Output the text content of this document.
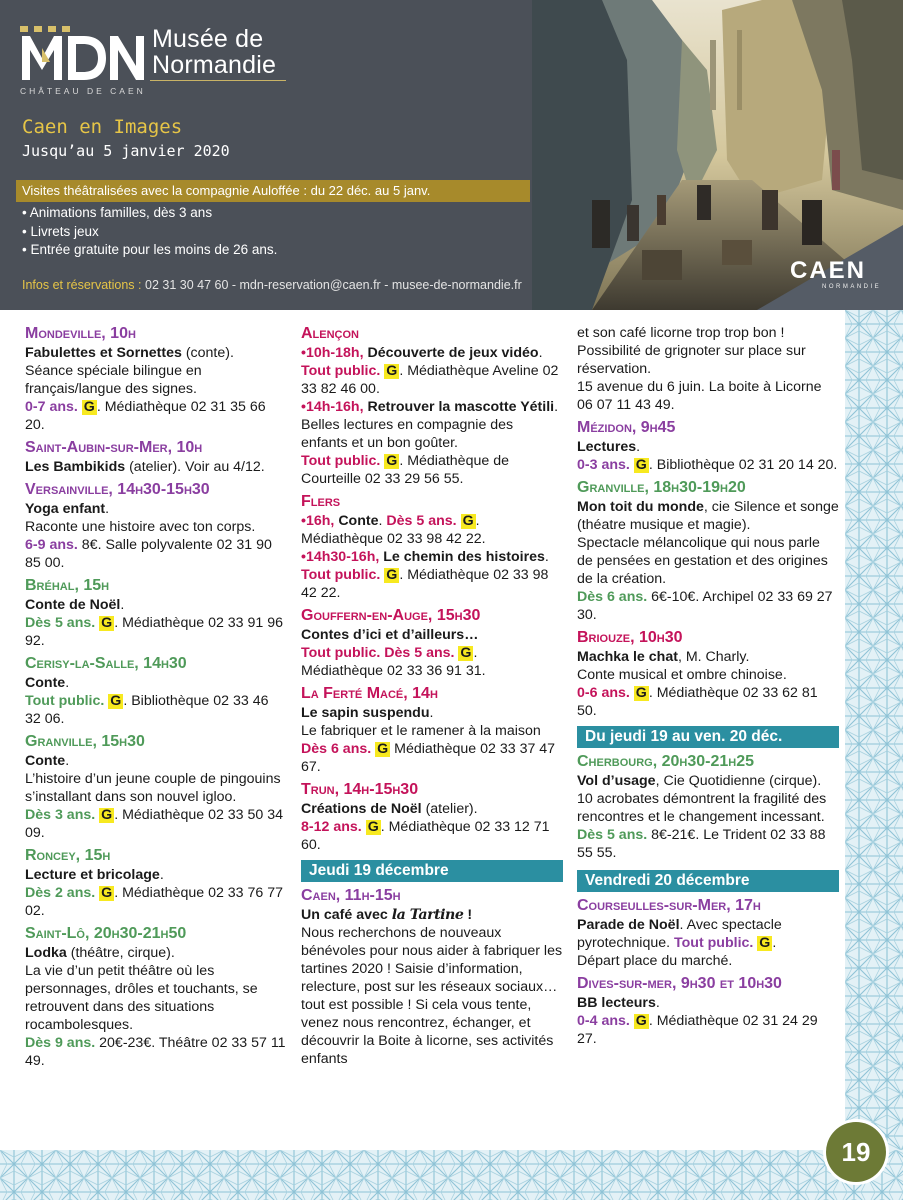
Musée de
Normandie
CHÂTEAU DE CAEN
Caen en Images
Jusqu’au 5 janvier 2020
Visites théâtralisées avec la compagnie Auloffée : du 22 déc. au 5 janv.
• Animations familles, dès 3 ans
• Livrets jeux
• Entrée gratuite pour les moins de 26 ans.
Infos et réservations : 02 31 30 47 60 - mdn-reservation@caen.fr - musee-de-normandie.fr
CAEN
NORMANDIE
19
Mondeville, 10h

Fabulettes et Sornettes (conte).

Séance spéciale bilingue en français/langue des signes.

0-7 ans. G . Médiathèque 02 31 35 66 20.

Saint-Aubin-sur-Mer, 10h

Les Bambikids (atelier). Voir au 4/12.

Versainville, 14h30-15h30

Yoga enfant.

Raconte une histoire avec ton corps.

6-9 ans. 8€. Salle polyvalente 02 31 90 85 00.

Bréhal, 15h

Conte de Noël.

Dès 5 ans. G . Médiathèque 02 33 91 96 92.

Cerisy-la-Salle, 14h30

Conte.

Tout public. G . Bibliothèque 02 33 46 32 06.

Granville, 15h30

Conte.

L’histoire d’un jeune couple de pingouins s’installant dans son nouvel igloo.

Dès 3 ans. G . Médiathèque 02 33 50 34 09.

Roncey, 15h

Lecture et bricolage.

Dès 2 ans. G . Médiathèque 02 33 76 77 02.

Saint-Lô, 20h30-21h50

Lodka (théâtre, cirque).

La vie d’un petit théâtre où les personnages, drôles et touchants, se retrouvent dans des situations rocambolesques.

Dès 9 ans. 20€-23€. Théâtre 02 33 57 11 49.

Alençon

•10h-18h, Découverte de jeux vidéo. Tout public. G . Médiathèque Aveline 02 33 82 46 00.

•14h-16h, Retrouver la mascotte Yétili. Belles lectures en compagnie des enfants et un bon goûter.

Tout public. G . Médiathèque de Courteille 02 33 29 56 55.

Flers

•16h, Conte. Dès 5 ans. G . Médiathèque 02 33 98 42 22.

•14h30-16h, Le chemin des histoires. Tout public. G . Médiathèque 02 33 98 42 22.

Gouffern-en-Auge, 15h30

Contes d’ici et d’ailleurs…

Tout public. Dès 5 ans. G . Médiathèque 02 33 36 91 31.

La Ferté Macé, 14h

Le sapin suspendu.

Le fabriquer et le ramener à la maison

Dès 6 ans. G Médiathèque 02 33 37 47 67.

Trun, 14h-15h30

Créations de Noël (atelier).

8-12 ans. G . Médiathèque 02 33 12 71 60.

Jeudi 19 décembre
Caen, 11h-15h

Un café avec la Tartine !

Nous recherchons de nouveaux bénévoles pour nous aider à fabriquer les tartines 2020 ! Saisie d’information, relecture, post sur les réseaux sociaux… tout est possible ! Si cela vous tente, venez nous rencontrez, échanger, et découvrir la Boite à licorne, ses activités enfants

et son café licorne trop trop bon ! Possibilité de grignoter sur place sur réservation.

15 avenue du 6 juin. La boite à Licorne 06 07 11 43 49.

Mézidon, 9h45

Lectures.

0-3 ans. G . Bibliothèque 02 31 20 14 20.

Granville, 18h30-19h20

Mon toit du monde, cie Silence et songe (théatre musique et magie).

Spectacle mélancolique qui nous parle de pensées en gestation et des origines de la création.

Dès 6 ans. 6€-10€. Archipel 02 33 69 27 30.

Briouze, 10h30

Machka le chat, M. Charly.

Conte musical et ombre chinoise.

0-6 ans. G . Médiathèque 02 33 62 81 50.

Du jeudi 19 au ven. 20 déc.
Cherbourg, 20h30-21h25

Vol d’usage, Cie Quotidienne (cirque).

10 acrobates démontrent la fragilité des rencontres et le changement incessant.

Dès 5 ans. 8€-21€. Le Trident 02 33 88 55 55.

Vendredi 20 décembre
Courseulles-sur-Mer, 17h

Parade de Noël. Avec spectacle pyrotechnique. Tout public. G .

Départ place du marché.

Dives-sur-mer, 9h30 et 10h30

BB lecteurs.

0-4 ans. G . Médiathèque 02 31 24 29 27.
